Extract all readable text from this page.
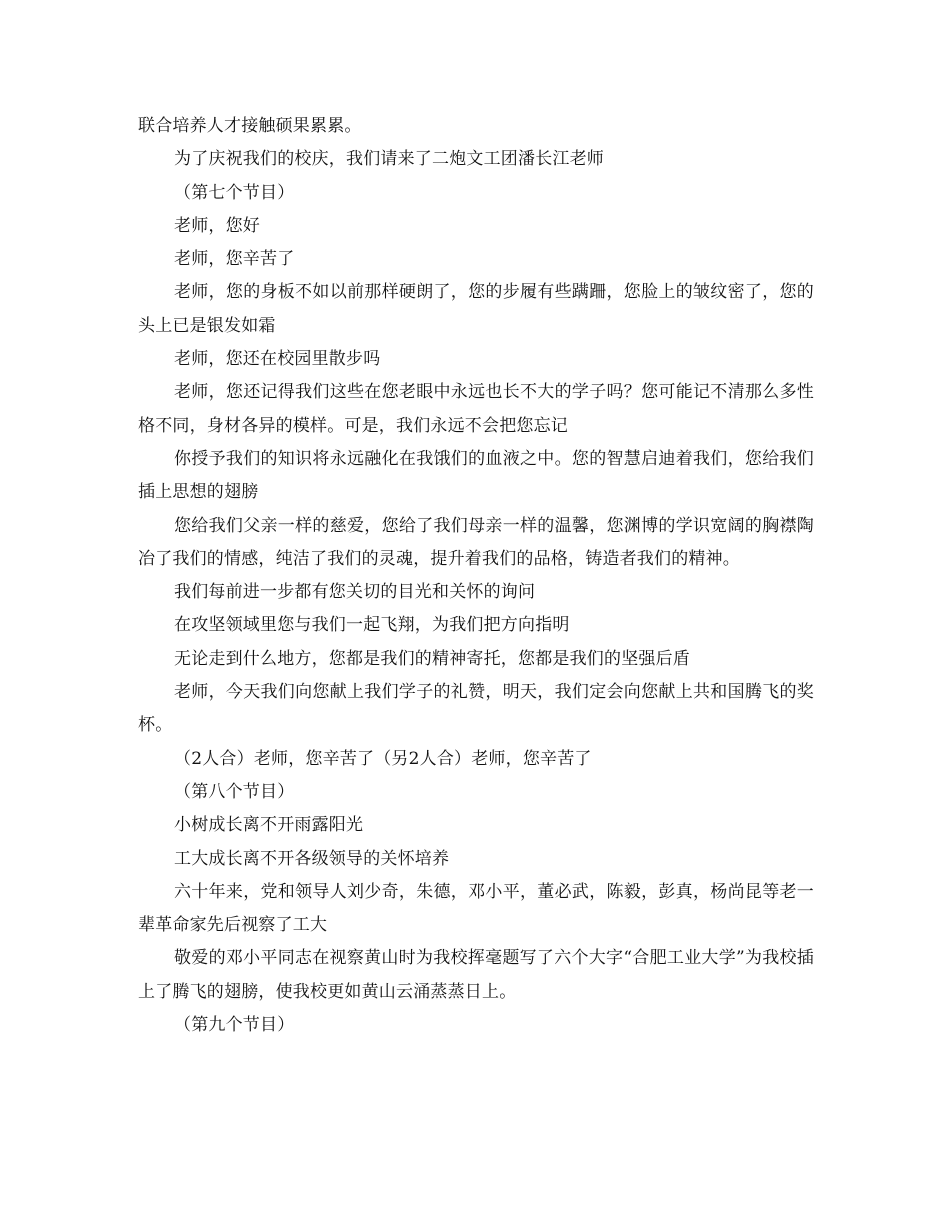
联合培养人才接触硕果累累。

为了庆祝我们的校庆，我们请来了二炮文工团潘长江老师

（第七个节目）

老师，您好

老师，您辛苦了

老师，您的身板不如以前那样硬朗了，您的步履有些蹒跚，您脸上的皱纹密了，您的头上已是银发如霜

老师，您还在校园里散步吗

老师，您还记得我们这些在您老眼中永远也长不大的学子吗？您可能记不清那么多性格不同，身材各异的模样。可是，我们永远不会把您忘记

你授予我们的知识将永远融化在我饿们的血液之中。您的智慧启迪着我们，您给我们插上思想的翅膀

您给我们父亲一样的慈爱，您给了我们母亲一样的温馨，您渊博的学识宽阔的胸襟陶冶了我们的情感，纯洁了我们的灵魂，提升着我们的品格，铸造者我们的精神。

我们每前进一步都有您关切的目光和关怀的询问

在攻坚领域里您与我们一起飞翔，为我们把方向指明

无论走到什么地方，您都是我们的精神寄托，您都是我们的坚强后盾

老师，今天我们向您献上我们学子的礼赞，明天，我们定会向您献上共和国腾飞的奖杯。

（2人合）老师，您辛苦了（另2人合）老师，您辛苦了

（第八个节目）

小树成长离不开雨露阳光

工大成长离不开各级领导的关怀培养

六十年来，党和领导人刘少奇，朱德，邓小平，董必武，陈毅，彭真，杨尚昆等老一辈革命家先后视察了工大

敬爱的邓小平同志在视察黄山时为我校挥毫题写了六个大字“合肥工业大学”为我校插上了腾飞的翅膀，使我校更如黄山云涌蒸蒸日上。

（第九个节目）
